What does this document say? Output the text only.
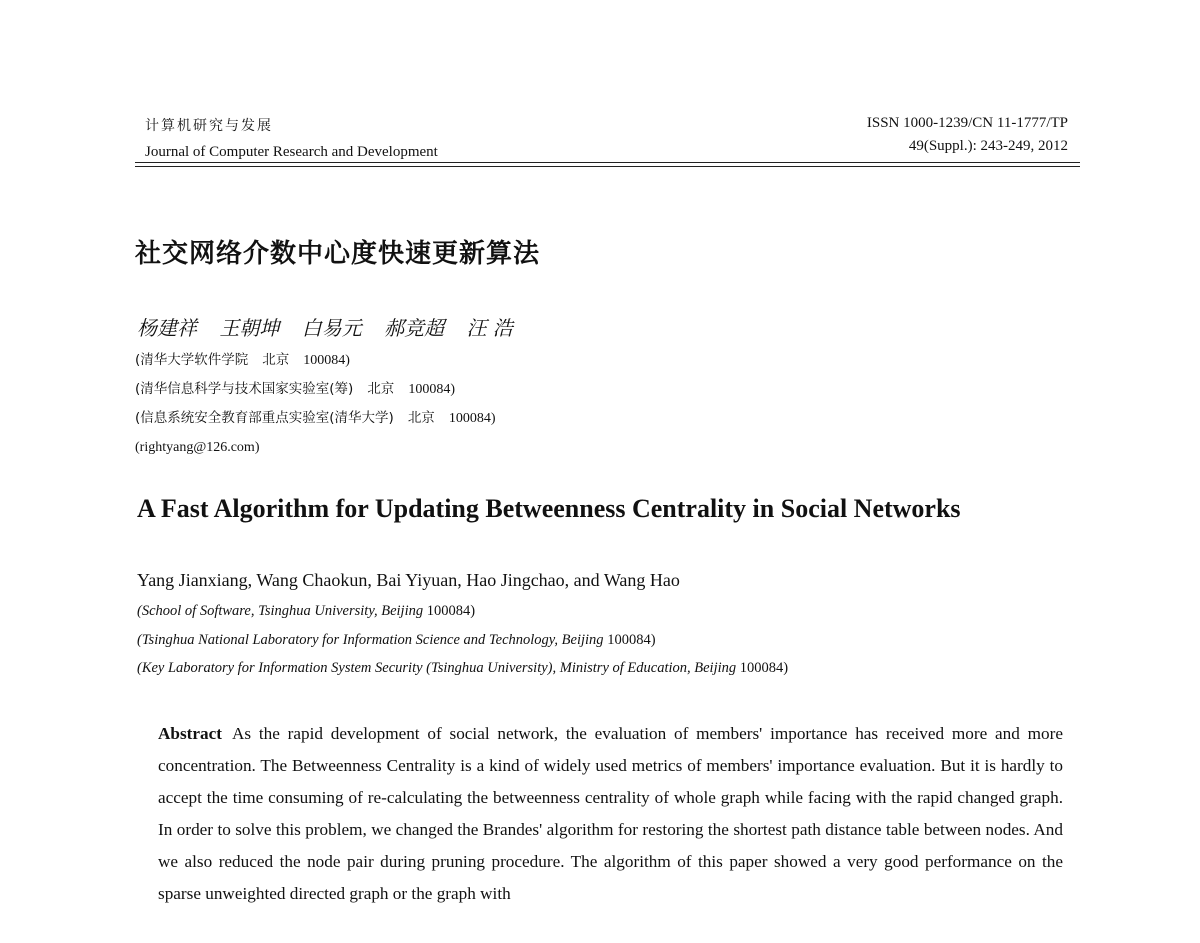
计算机研究与发展
Journal of Computer Research and Development
ISSN 1000-1239/CN 11-1777/TP
49(Suppl.): 243-249, 2012
社交网络介数中心度快速更新算法
杨建祥 王朝坤 白易元 郝竞超 汪 浩
(清华大学软件学院 北京 100084)
(清华信息科学与技术国家实验室(筹) 北京 100084)
(信息系统安全教育部重点实验室(清华大学) 北京 100084)
(rightyang@126.com)
A Fast Algorithm for Updating Betweenness Centrality in Social Networks
Yang Jianxiang, Wang Chaokun, Bai Yiyuan, Hao Jingchao, and Wang Hao
(School of Software, Tsinghua University, Beijing 100084)
(Tsinghua National Laboratory for Information Science and Technology, Beijing 100084)
(Key Laboratory for Information System Security (Tsinghua University), Ministry of Education, Beijing 100084)

Abstract As the rapid development of social network, the evaluation of members' importance has received more and more concentration. The Betweenness Centrality is a kind of widely used metrics of members' importance evaluation. But it is hardly to accept the time consuming of re-calculating the betweenness centrality of whole graph while facing with the rapid changed graph. In order to solve this problem, we changed the Brandes' algorithm for restoring the shortest path distance table between nodes. And we also reduced the node pair during pruning procedure. The algorithm of this paper showed a very good performance on the sparse unweighted directed graph or the graph with
